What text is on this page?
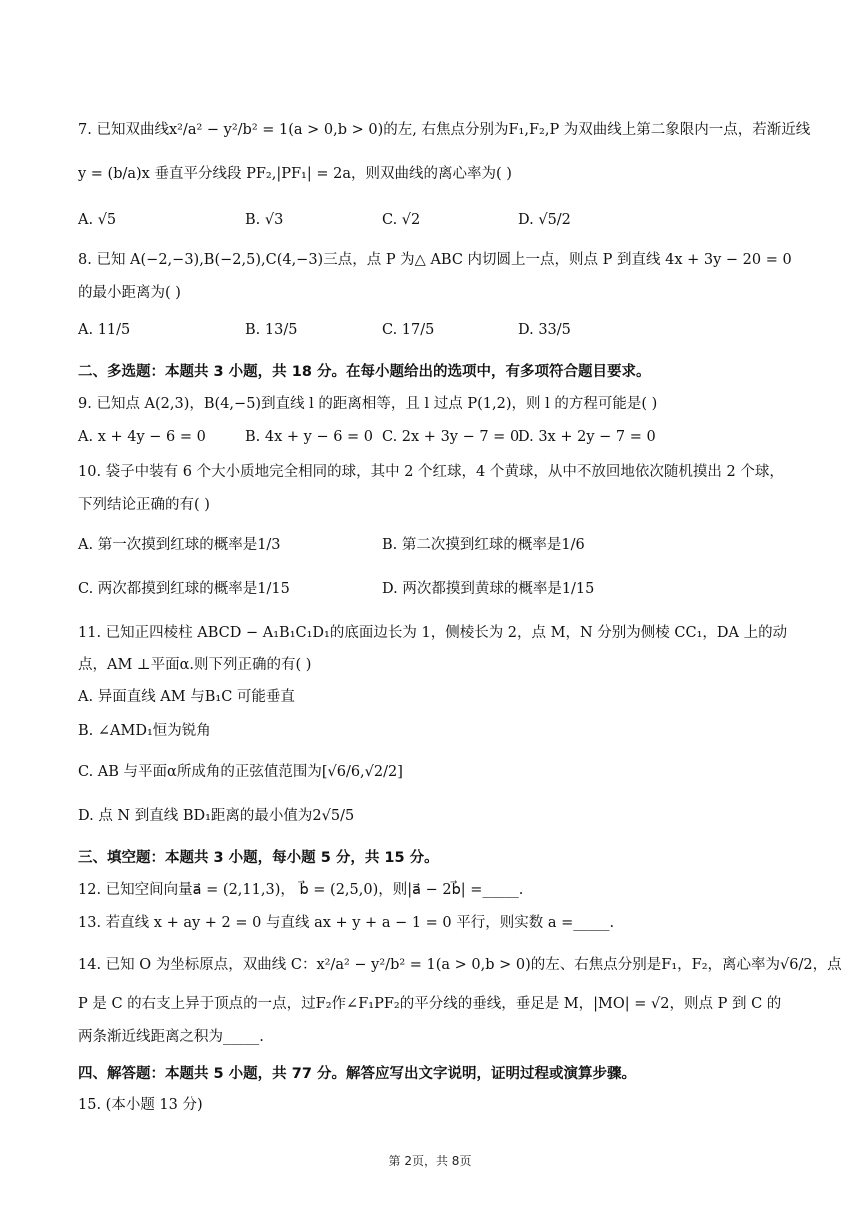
7. 已知双曲线x²/a² − y²/b² = 1(a > 0,b > 0)的左, 右焦点分别为F₁,F₂,P 为双曲线上第二象限内一点，若渐近线
y = (b/a)x 垂直平分线段 PF₂,|PF₁| = 2a，则双曲线的离心率为( )
A. √5	B. √3	C. √2	D. √5/2
8. 已知 A(−2,−3),B(−2,5),C(4,−3)三点，点 P 为△ ABC 内切圆上一点，则点 P 到直线 4x + 3y − 20 = 0
的最小距离为( )
A. 11/5	B. 13/5	C. 17/5	D. 33/5
二、多选题：本题共 3 小题，共 18 分。在每小题给出的选项中，有多项符合题目要求。
9. 已知点 A(2,3)，B(4,−5)到直线 l 的距离相等，且 l 过点 P(1,2)，则 l 的方程可能是( )
A. x + 4y − 6 = 0	B. 4x + y − 6 = 0 C. 2x + 3y − 7 = 0
D. 3x + 2y − 7 = 0
10. 袋子中装有 6 个大小质地完全相同的球，其中 2 个红球，4 个黄球，从中不放回地依次随机摸出 2 个球，
下列结论正确的有( )
A. 第一次摸到红球的概率是1/3	B. 第二次摸到红球的概率是1/6
C. 两次都摸到红球的概率是1/15	D. 两次都摸到黄球的概率是1/15
11. 已知正四棱柱 ABCD − A₁B₁C₁D₁的底面边长为 1，侧棱长为 2，点 M，N 分别为侧棱 CC₁，DA 上的动
点，AM ⊥平面α.则下列正确的有( )
A. 异面直线 AM 与B₁C 可能垂直
B. ∠AMD₁恒为锐角
C. AB 与平面α所成角的正弦值范围为[√6/6,√2/2]
D. 点 N 到直线 BD₁距离的最小值为2√5/5
三、填空题：本题共 3 小题，每小题 5 分，共 15 分。
12. 已知空间向量a⃗ = (2,11,3)， b⃗ = (2,5,0)，则|a⃗ − 2b⃗| =_____.
13. 若直线 x + ay + 2 = 0 与直线 ax + y + a − 1 = 0 平行，则实数 a =_____.
14. 已知 O 为坐标原点，双曲线 C：x²/a² − y²/b² = 1(a > 0,b > 0)的左、右焦点分别是F₁，F₂，离心率为√6/2，点
P 是 C 的右支上异于顶点的一点，过F₂作∠F₁PF₂的平分线的垂线，垂足是 M，|MO| = √2，则点 P 到 C 的
两条渐近线距离之积为_____.
四、解答题：本题共 5 小题，共 77 分。解答应写出文字说明，证明过程或演算步骤。
15. (本小题 13 分)
第 2页，共 8页
